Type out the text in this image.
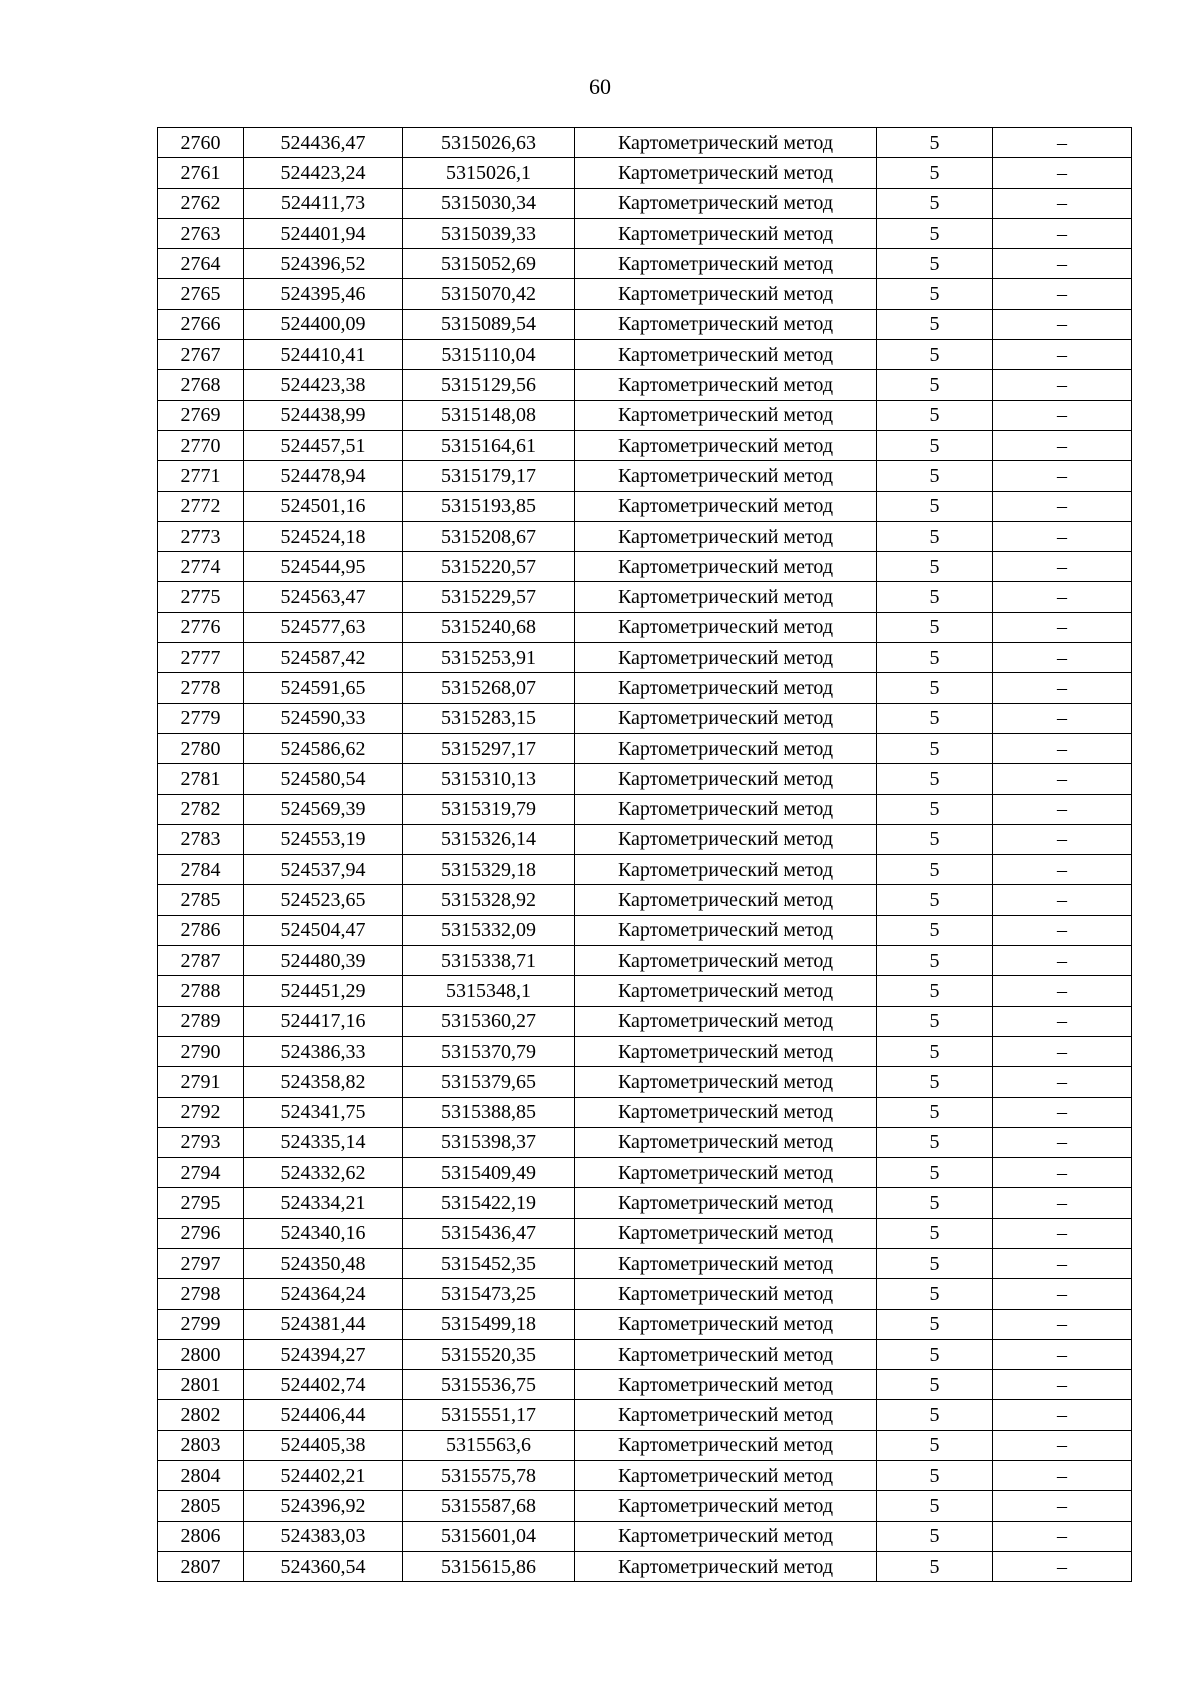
60
2760	524436,47	5315026,63	Картометрический метод	5	–
2761	524423,24	5315026,1	Картометрический метод	5	–
2762	524411,73	5315030,34	Картометрический метод	5	–
2763	524401,94	5315039,33	Картометрический метод	5	–
2764	524396,52	5315052,69	Картометрический метод	5	–
2765	524395,46	5315070,42	Картометрический метод	5	–
2766	524400,09	5315089,54	Картометрический метод	5	–
2767	524410,41	5315110,04	Картометрический метод	5	–
2768	524423,38	5315129,56	Картометрический метод	5	–
2769	524438,99	5315148,08	Картометрический метод	5	–
2770	524457,51	5315164,61	Картометрический метод	5	–
2771	524478,94	5315179,17	Картометрический метод	5	–
2772	524501,16	5315193,85	Картометрический метод	5	–
2773	524524,18	5315208,67	Картометрический метод	5	–
2774	524544,95	5315220,57	Картометрический метод	5	–
2775	524563,47	5315229,57	Картометрический метод	5	–
2776	524577,63	5315240,68	Картометрический метод	5	–
2777	524587,42	5315253,91	Картометрический метод	5	–
2778	524591,65	5315268,07	Картометрический метод	5	–
2779	524590,33	5315283,15	Картометрический метод	5	–
2780	524586,62	5315297,17	Картометрический метод	5	–
2781	524580,54	5315310,13	Картометрический метод	5	–
2782	524569,39	5315319,79	Картометрический метод	5	–
2783	524553,19	5315326,14	Картометрический метод	5	–
2784	524537,94	5315329,18	Картометрический метод	5	–
2785	524523,65	5315328,92	Картометрический метод	5	–
2786	524504,47	5315332,09	Картометрический метод	5	–
2787	524480,39	5315338,71	Картометрический метод	5	–
2788	524451,29	5315348,1	Картометрический метод	5	–
2789	524417,16	5315360,27	Картометрический метод	5	–
2790	524386,33	5315370,79	Картометрический метод	5	–
2791	524358,82	5315379,65	Картометрический метод	5	–
2792	524341,75	5315388,85	Картометрический метод	5	–
2793	524335,14	5315398,37	Картометрический метод	5	–
2794	524332,62	5315409,49	Картометрический метод	5	–
2795	524334,21	5315422,19	Картометрический метод	5	–
2796	524340,16	5315436,47	Картометрический метод	5	–
2797	524350,48	5315452,35	Картометрический метод	5	–
2798	524364,24	5315473,25	Картометрический метод	5	–
2799	524381,44	5315499,18	Картометрический метод	5	–
2800	524394,27	5315520,35	Картометрический метод	5	–
2801	524402,74	5315536,75	Картометрический метод	5	–
2802	524406,44	5315551,17	Картометрический метод	5	–
2803	524405,38	5315563,6	Картометрический метод	5	–
2804	524402,21	5315575,78	Картометрический метод	5	–
2805	524396,92	5315587,68	Картометрический метод	5	–
2806	524383,03	5315601,04	Картометрический метод	5	–
2807	524360,54	5315615,86	Картометрический метод	5	–
